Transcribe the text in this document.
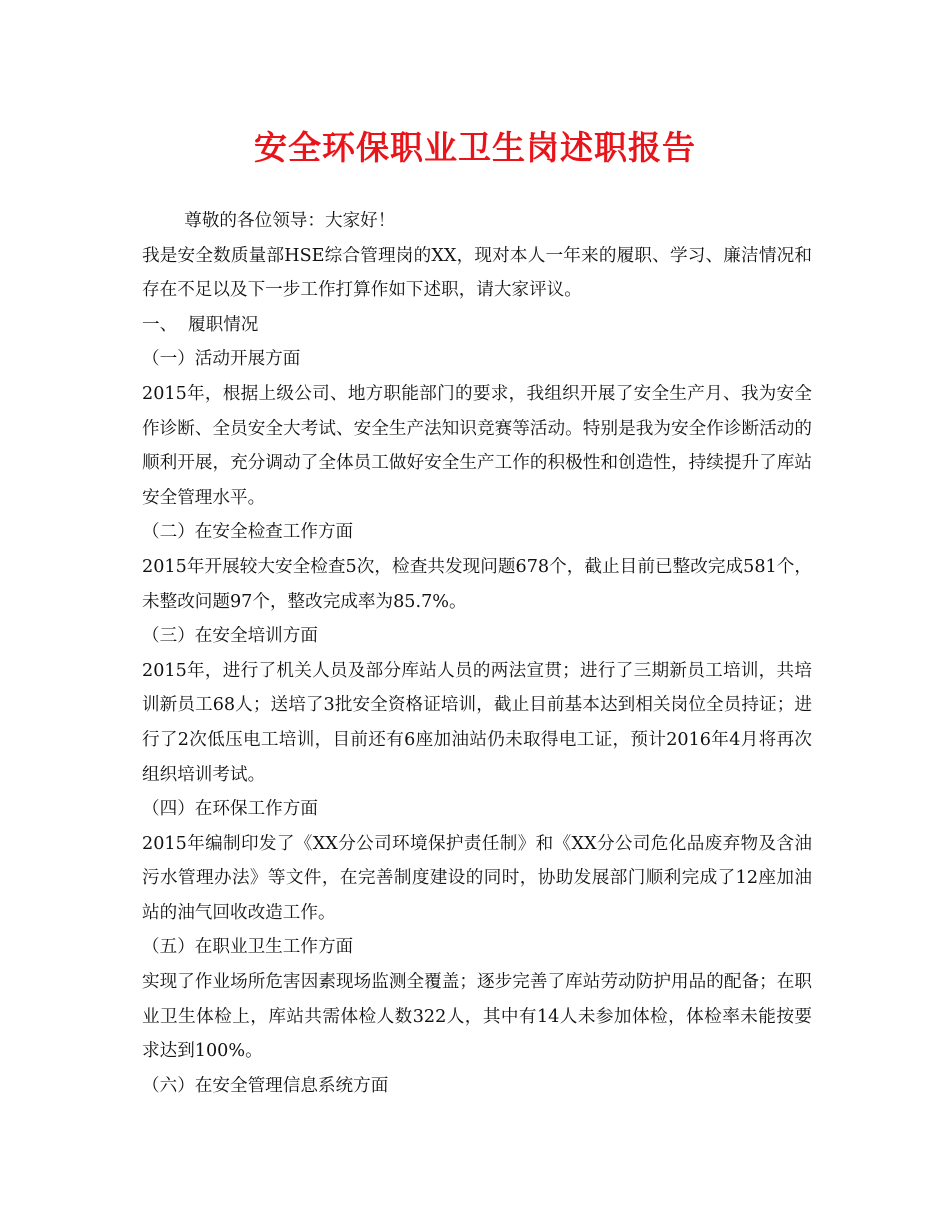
安全环保职业卫生岗述职报告

尊敬的各位领导：大家好！

我是安全数质量部HSE综合管理岗的XX，现对本人一年来的履职、学习、廉洁情况和存在不足以及下一步工作打算作如下述职，请大家评议。

一、 履职情况

（一）活动开展方面

2015年，根据上级公司、地方职能部门的要求，我组织开展了安全生产月、我为安全作诊断、全员安全大考试、安全生产法知识竞赛等活动。特别是我为安全作诊断活动的顺利开展，充分调动了全体员工做好安全生产工作的积极性和创造性，持续提升了库站安全管理水平。

（二）在安全检查工作方面

2015年开展较大安全检查5次，检查共发现问题678个，截止目前已整改完成581个，未整改问题97个，整改完成率为85.7%。

（三）在安全培训方面

2015年，进行了机关人员及部分库站人员的两法宣贯；进行了三期新员工培训，共培训新员工68人；送培了3批安全资格证培训，截止目前基本达到相关岗位全员持证；进行了2次低压电工培训，目前还有6座加油站仍未取得电工证，预计2016年4月将再次组织培训考试。

（四）在环保工作方面

2015年编制印发了《XX分公司环境保护责任制》和《XX分公司危化品废弃物及含油污水管理办法》等文件，在完善制度建设的同时，协助发展部门顺利完成了12座加油站的油气回收改造工作。

（五）在职业卫生工作方面

实现了作业场所危害因素现场监测全覆盖；逐步完善了库站劳动防护用品的配备；在职业卫生体检上，库站共需体检人数322人，其中有14人未参加体检，体检率未能按要求达到100%。

（六）在安全管理信息系统方面
